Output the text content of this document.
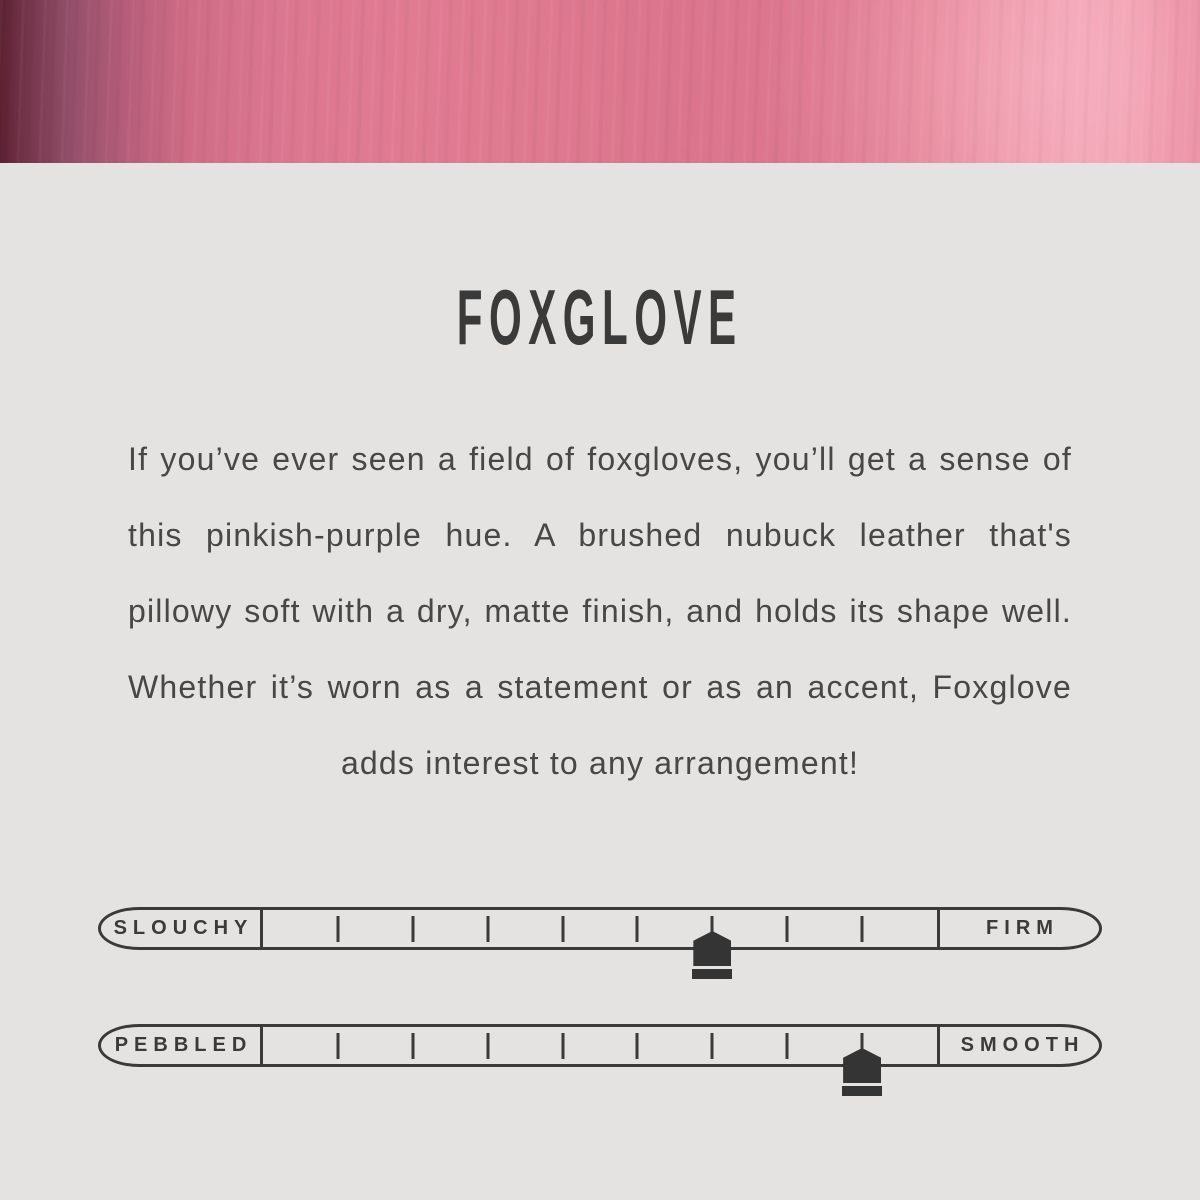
FOXGLOVE
If you’ve ever seen a field of foxgloves, you’ll get a sense of
this pinkish-purple hue. A brushed nubuck leather that's
pillowy soft with a dry, matte finish, and holds its shape well.
Whether it’s worn as a statement or as an accent, Foxglove
adds interest to any arrangement!
SLOUCHY	FIRM
PEBBLED	SMOOTH
